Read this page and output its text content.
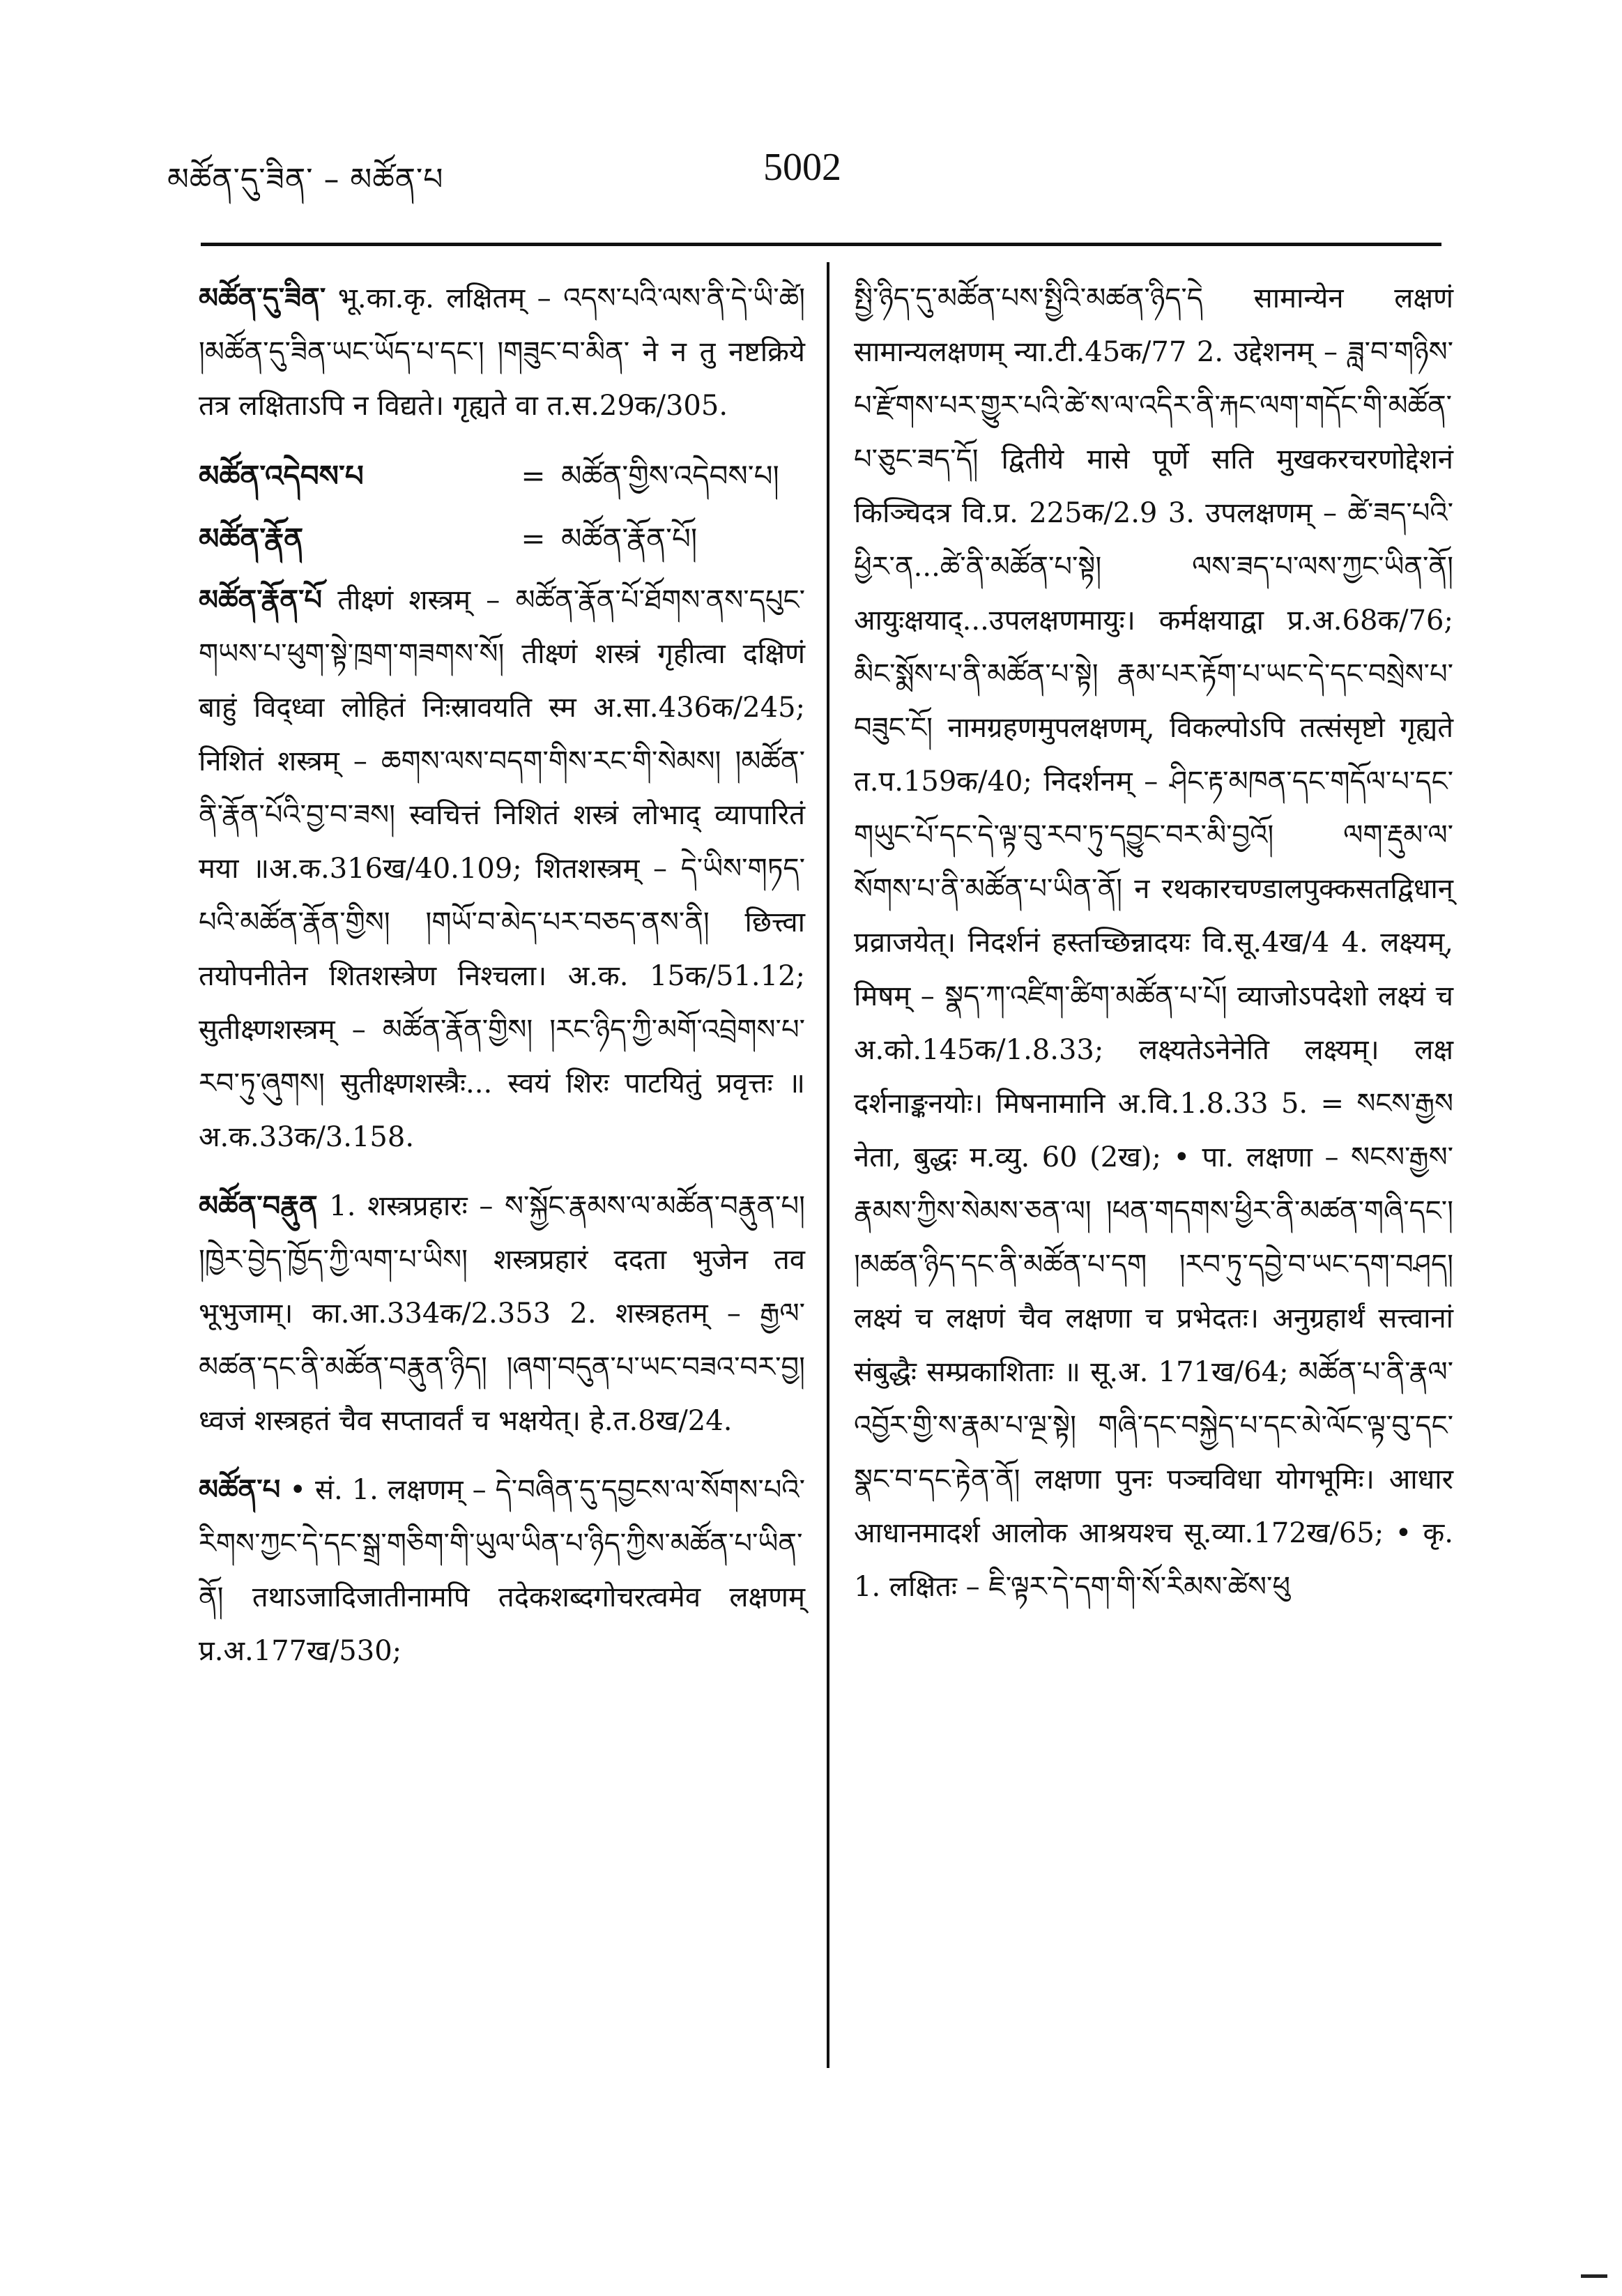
མཚོན་དུ་ཟིན་ – མཚོན་པ	5002

མཚོན་དུ་ཟིན་ भू.का.कृ. लक्षितम् – འདས་པའི་ལས་ནི་དེ་ཡི་ཚེ། །མཚོན་དུ་ཟིན་ཡང་ཡོད་པ་དང་། །གཟུང་བ་མིན་ ने न तु नष्टक्रिये तत्र लक्षिताऽपि न विद्यते। गृह्यते वा त.स.29क/305.

མཚོན་འདེབས་པ	= མཚོན་གྱིས་འདེབས་པ།
མཚོན་རྣོན	= མཚོན་རྣོན་པོ།

མཚོན་རྣོན་པོ तीक्ष्णं शस्त्रम् – མཚོན་རྣོན་པོ་ཐོགས་ནས་དཔུང་གཡས་པ་ཕུག་སྟེ་ཁྲག་གཟགས་སོ། तीक्ष्णं शस्त्रं गृहीत्वा दक्षिणं बाहुं विद्ध्वा लोहितं निःस्रावयति स्म अ.सा.436क/245; निशितं शस्त्रम् – ཆགས་ལས་བདག་གིས་རང་གི་སེམས། །མཚོན་ནི་རྣོན་པོའི་བྱ་བ་ཟས། स्वचित्तं निशितं शस्त्रं लोभाद् व्यापारितं मया ॥अ.क.316ख/40.109; शितशस्त्रम् – དེ་ཡིས་གཏད་པའི་མཚོན་རྣོན་གྱིས། །གཡོ་བ་མེད་པར་བཅད་ནས་ནི། छित्त्वा तयोपनीतेन शितशस्त्रेण निश्चला। अ.क. 15क/51.12; सुतीक्ष्णशस्त्रम् – མཚོན་རྣོན་གྱིས། །རང་ཉིད་ཀྱི་མགོ་འབྲེགས་པ་རབ་ཏུ་ཞུགས། सुतीक्ष्णशस्त्रैः... स्वयं शिरः पाटयितुं प्रवृत्तः ॥ अ.क.33क/3.158.

མཚོན་བརྣུན 1. शस्त्रप्रहारः – ས་སྐྱོང་རྣམས་ལ་མཚོན་བརྣུན་པ། །ཁྱེར་བྱེད་ཁྱོད་ཀྱི་ལག་པ་ཡིས། शस्त्रप्रहारं ददता भुजेन तव भूभुजाम्। का.आ.334क/2.353 2. शस्त्रहतम् – རྒྱལ་མཚན་དང་ནི་མཚོན་བརྣུན་ཉིད། །ཞག་བདུན་པ་ཡང་བཟའ་བར་བྱ། ध्वजं शस्त्रहतं चैव सप्तावर्तं च भक्षयेत्। हे.त.8ख/24.

མཚོན་པ • सं. 1. लक्षणम् – དེ་བཞིན་དུ་དབྱངས་ལ་སོགས་པའི་རིགས་ཀྱང་དེ་དང་སྒྲ་གཅིག་གི་ཡུལ་ཡིན་པ་ཉིད་ཀྱིས་མཚོན་པ་ཡིན་ནོ། तथाऽजादिजातीनामपि तदेकशब्दगोचरत्वमेव लक्षणम् प्र.अ.177ख/530;

སྤྱི་ཉིད་དུ་མཚོན་པས་སྤྱིའི་མཚན་ཉིད་དེ सामान्येन लक्षणं सामान्यलक्षणम् न्या.टी.45क/77 2. उद्देशनम् – ཟླ་བ་གཉིས་པ་རྫོགས་པར་གྱུར་པའི་ཚེ་ས་ལ་འདིར་ནི་རྐང་ལག་གདོང་གི་མཚོན་པ་ཅུང་ཟད་དོ། द्वितीये मासे पूर्णे सति मुखकरचरणोद्देशनं किञ्चिदत्र वि.प्र. 225क/2.9 3. उपलक्षणम् – ཚེ་ཟད་པའི་ཕྱིར་ན...ཚེ་ནི་མཚོན་པ་སྟེ། ལས་ཟད་པ་ལས་ཀྱང་ཡིན་ནོ། आयुःक्षयाद्...उपलक्षणमायुः। कर्मक्षयाद्वा प्र.अ.68क/76; མིང་སྨོས་པ་ནི་མཚོན་པ་སྟེ། རྣམ་པར་རྟོག་པ་ཡང་དེ་དང་བསྲེས་པ་བཟུང་ངོ། नामग्रहणमुपलक्षणम्, विकल्पोऽपि तत्संसृष्टो गृह्यते त.प.159क/40; निदर्शनम् – ཤིང་རྟ་མཁན་དང་གདོལ་པ་དང་གཡུང་པོ་དང་དེ་ལྟ་བུ་རབ་ཏུ་དབྱུང་བར་མི་བྱའོ། ལག་རྡུམ་ལ་སོགས་པ་ནི་མཚོན་པ་ཡིན་ནོ། न रथकारचण्डालपुक्कसतद्विधान् प्रव्राजयेत्। निदर्शनं हस्तच्छिन्नादयः वि.सू.4ख/4 4. लक्ष्यम्, मिषम् – སྣད་ཀ་འཛིག་ཚིག་མཚོན་པ་པོ། व्याजोऽपदेशो लक्ष्यं च अ.को.145क/1.8.33; लक्ष्यतेऽनेनेति लक्ष्यम्। लक्ष दर्शनाङ्कनयोः। मिषनामानि अ.वि.1.8.33 5. = སངས་རྒྱས नेता, बुद्धः म.व्यु. 60 (2ख); • पा. लक्षणा – སངས་རྒྱས་རྣམས་ཀྱིས་སེམས་ཅན་ལ། །ཕན་གདགས་ཕྱིར་ནི་མཚན་གཞི་དང་། །མཚན་ཉིད་དང་ནི་མཚོན་པ་དག །རབ་ཏུ་དབྱེ་བ་ཡང་དག་བཤད། लक्ष्यं च लक्षणं चैव लक्षणा च प्रभेदतः। अनुग्रहार्थं सत्त्वानां संबुद्धैः सम्प्रकाशिताः ॥ सू.अ. 171ख/64; མཚོན་པ་ནི་རྣལ་འབྱོར་གྱི་ས་རྣམ་པ་ལྔ་སྟེ། གཞི་དང་བསྐྱེད་པ་དང་མེ་ལོང་ལྟ་བུ་དང་སྣང་བ་དང་རྟེན་ནོ། लक्षणा पुनः पञ्चविधा योगभूमिः। आधार आधानमादर्श आलोक आश्रयश्च सू.व्या.172ख/65; • कृ. 1. लक्षितः – ཇི་ལྟར་དེ་དག་གི་སོ་རིམས་ཚེས་ཕུ
